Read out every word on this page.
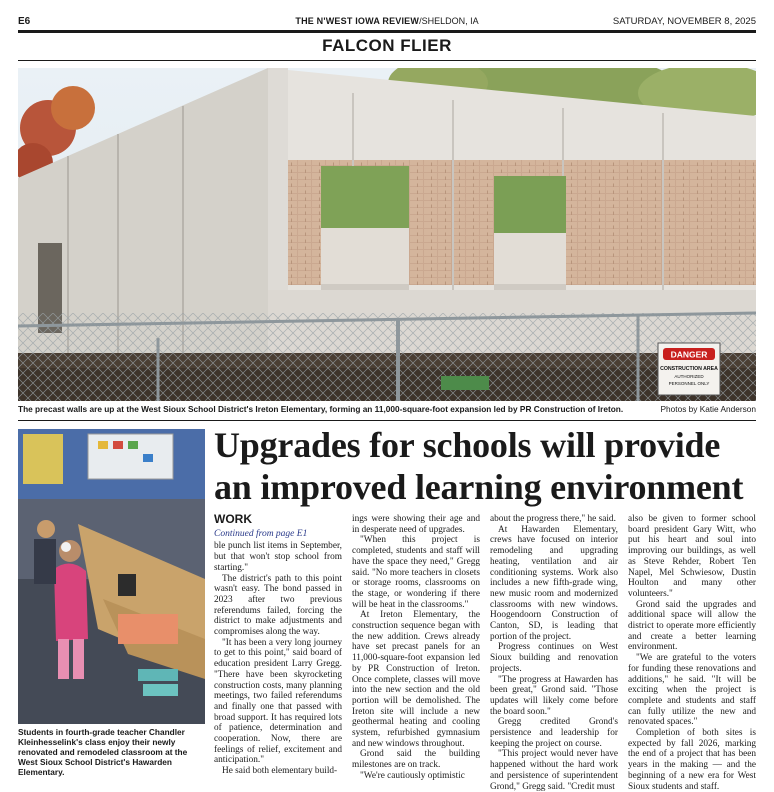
E6	THE N'WEST IOWA REVIEW/SHELDON, IA	SATURDAY, NOVEMBER 8, 2025
FALCON FLIER
DANGER
CONSTRUCTION AREA
AUTHORIZED
PERSONNEL ONLY
The precast walls are up at the West Sioux School District's Ireton Elementary, forming an 11,000-square-foot expansion led by PR Construction of Ireton.	Photos by Katie Anderson
Students in fourth-grade teacher Chandler Kleinhesselink's class enjoy their newly renovated and remodeled classroom at the West Sioux School District's Hawarden Elementary.
Upgrades for schools will provide an improved learning environment
WORK
Continued from page E1

ble punch list items in September, but that won't stop school from starting."

The district's path to this point wasn't easy. The bond passed in 2023 after two previous referendums failed, forcing the district to make adjustments and compromises along the way.

"It has been a very long journey to get to this point," said board of education president Larry Gregg. "There have been skyrocketing construction costs, many planning meetings, two failed referendums and finally one that passed with broad support. It has required lots of patience, determination and cooperation. Now, there are feelings of relief, excitement and anticipation."

He said both elementary build-

ings were showing their age and in desperate need of upgrades.

"When this project is completed, students and staff will have the space they need," Gregg said. "No more teachers in closets or storage rooms, classrooms on the stage, or wondering if there will be heat in the classrooms."

At Ireton Elementary, the construction sequence began with the new addition. Crews already have set precast panels for an 11,000-square-foot expansion led by PR Construction of Ireton. Once complete, classes will move into the new section and the old portion will be demolished. The Ireton site will include a new geothermal heating and cooling system, refurbished gymnasium and new windows throughout.

Grond said the building milestones are on track.

"We're cautiously optimistic

about the progress there," he said.

At Hawarden Elementary, crews have focused on interior remodeling and upgrading heating, ventilation and air conditioning systems. Work also includes a new fifth-grade wing, new music room and modernized classrooms with new windows. Hoogendoorn Construction of Canton, SD, is leading that portion of the project.

Progress continues on West Sioux building and renovation projects.

"The progress at Hawarden has been great," Grond said. "Those updates will likely come before the board soon."

Gregg credited Grond's persistence and leadership for keeping the project on course.

"This project would never have happened without the hard work and persistence of superintendent Grond," Gregg said. "Credit must

also be given to former school board president Gary Witt, who put his heart and soul into improving our buildings, as well as Steve Rehder, Robert Ten Napel, Mel Schwiesow, Dustin Houlton and many other volunteers."

Grond said the upgrades and additional space will allow the district to operate more efficiently and create a better learning environment.

"We are grateful to the voters for funding these renovations and additions," he said. "It will be exciting when the project is complete and students and staff can fully utilize the new and renovated spaces."

Completion of both sites is expected by fall 2026, marking the end of a project that has been years in the making — and the beginning of a new era for West Sioux students and staff.
